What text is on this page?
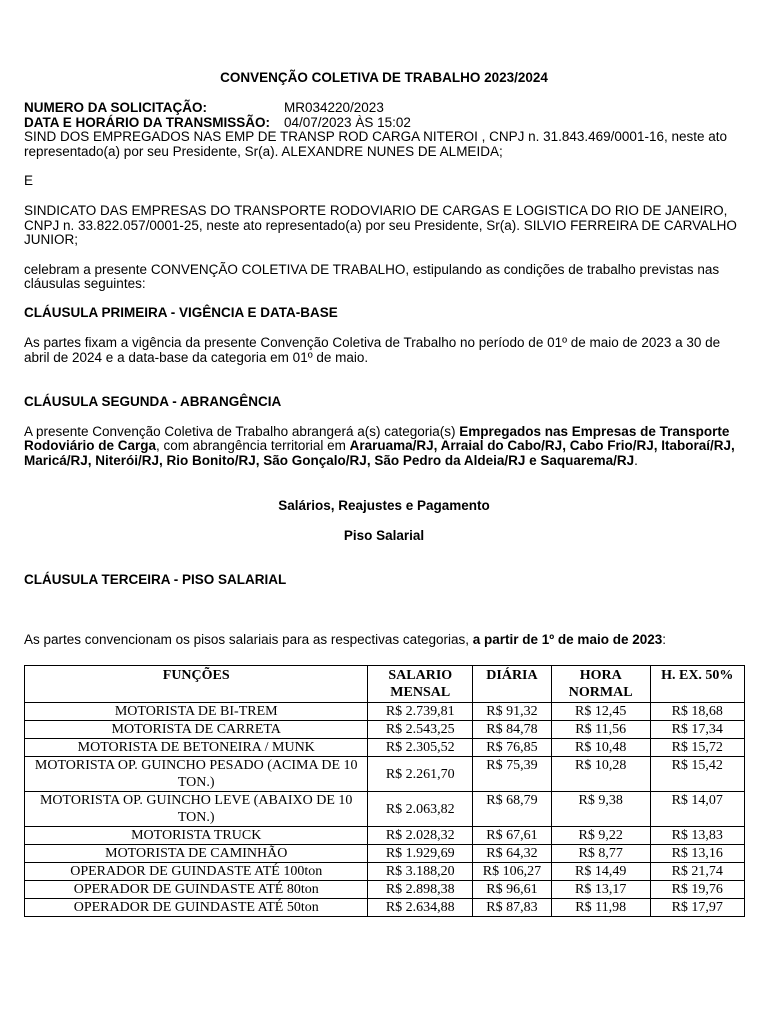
CONVENÇÃO COLETIVA DE TRABALHO 2023/2024
NUMERO DA SOLICITAÇÃO:	MR034220/2023
DATA E HORÁRIO DA TRANSMISSÃO: 04/07/2023 ÀS 15:02
SIND DOS EMPREGADOS NAS EMP DE TRANSP ROD CARGA NITEROI , CNPJ n. 31.843.469/0001-16, neste ato
representado(a) por seu Presidente, Sr(a). ALEXANDRE NUNES DE ALMEIDA;
E
SINDICATO DAS EMPRESAS DO TRANSPORTE RODOVIARIO DE CARGAS E LOGISTICA DO RIO DE JANEIRO,
CNPJ n. 33.822.057/0001-25, neste ato representado(a) por seu Presidente, Sr(a). SILVIO FERREIRA DE CARVALHO
JUNIOR;
celebram a presente CONVENÇÃO COLETIVA DE TRABALHO, estipulando as condições de trabalho previstas nas
cláusulas seguintes:
CLÁUSULA PRIMEIRA - VIGÊNCIA E DATA-BASE
As partes fixam a vigência da presente Convenção Coletiva de Trabalho no período de 01º de maio de 2023 a 30 de
abril de 2024 e a data-base da categoria em 01º de maio.
CLÁUSULA SEGUNDA - ABRANGÊNCIA
A presente Convenção Coletiva de Trabalho abrangerá a(s) categoria(s) Empregados nas Empresas de Transporte
Rodoviário de Carga, com abrangência territorial em Araruama/RJ, Arraial do Cabo/RJ, Cabo Frio/RJ, Itaboraí/RJ,
Maricá/RJ, Niterói/RJ, Rio Bonito/RJ, São Gonçalo/RJ, São Pedro da Aldeia/RJ e Saquarema/RJ.
Salários, Reajustes e Pagamento
Piso Salarial
CLÁUSULA TERCEIRA - PISO SALARIAL
As partes convencionam os pisos salariais para as respectivas categorias, a partir de 1º de maio de 2023:
FUNÇÕES	SALARIO MENSAL	DIÁRIA	HORA NORMAL	H. EX. 50%
MOTORISTA DE BI-TREM	R$ 2.739,81	R$ 91,32	R$ 12,45	R$ 18,68
MOTORISTA DE CARRETA	R$ 2.543,25	R$ 84,78	R$ 11,56	R$ 17,34
MOTORISTA DE BETONEIRA / MUNK	R$ 2.305,52	R$ 76,85	R$ 10,48	R$ 15,72
MOTORISTA OP. GUINCHO PESADO (ACIMA DE 10 TON.)	R$ 2.261,70	R$ 75,39	R$ 10,28	R$ 15,42
MOTORISTA OP. GUINCHO LEVE (ABAIXO DE 10 TON.)	R$ 2.063,82	R$ 68,79	R$ 9,38	R$ 14,07
MOTORISTA TRUCK	R$ 2.028,32	R$ 67,61	R$ 9,22	R$ 13,83
MOTORISTA DE CAMINHÃO	R$ 1.929,69	R$ 64,32	R$ 8,77	R$ 13,16
OPERADOR DE GUINDASTE ATÉ 100ton	R$ 3.188,20	R$ 106,27	R$ 14,49	R$ 21,74
OPERADOR DE GUINDASTE ATÉ 80ton	R$ 2.898,38	R$ 96,61	R$ 13,17	R$ 19,76
OPERADOR DE GUINDASTE ATÉ 50ton	R$ 2.634,88	R$ 87,83	R$ 11,98	R$ 17,97
